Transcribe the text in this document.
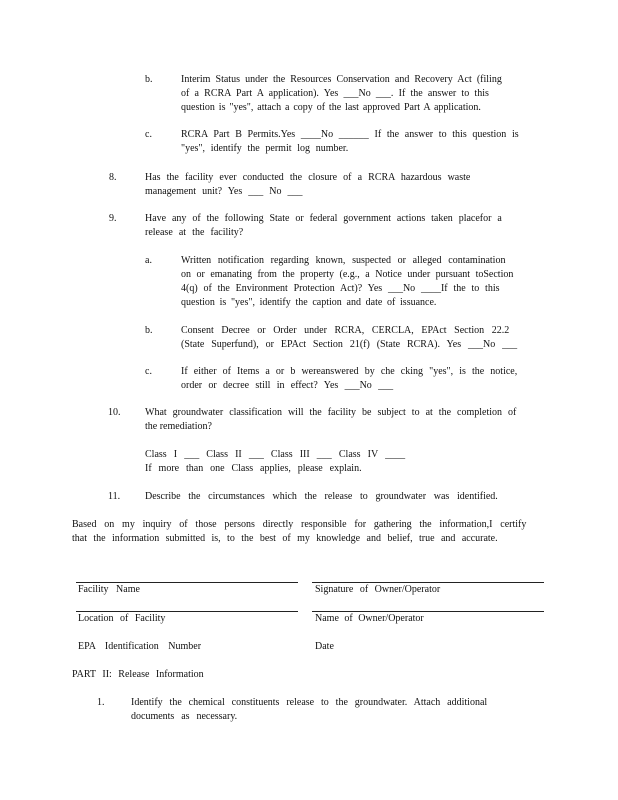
b.	Interim Status under the Resources Conservation and Recovery Act (filing
of a RCRA Part A application). Yes ___No ___. If the answer to this
question is "yes", attach a copy of the last approved Part A application.
c.	RCRA Part B Permits.Yes ____No ______ If the answer to this question is
"yes", identify the permit log number.
8.	Has the facility ever conducted the closure of a RCRA hazardous waste
management unit? Yes ___ No ___
9.	Have any of the following State or federal government actions taken placefor a
release at the facility?
a.	Written notification regarding known, suspected or alleged contamination
on or emanating from the property (e.g., a Notice under pursuant toSection
4(q) of the Environment Protection Act)? Yes ___No ____If the to this
question is "yes", identify the caption and date of issuance.
b.	Consent Decree or Order under RCRA, CERCLA, EPAct Section 22.2
(State Superfund), or EPAct Section 21(f) (State RCRA). Yes ___No ___
c.	If either of Items a or b wereanswered by che cking "yes", is the notice,
order or decree still in effect? Yes ___No ___
10. What groundwater classification will the facility be subject to at the completion of
the remediation?
Class I ___ Class II ___ Class III ___ Class IV ____
If more than one Class applies, please explain.
11. Describe the circumstances which the release to groundwater was identified.
Based on my inquiry of those persons directly responsible for gathering the information,I certify
that the information submitted is, to the best of my knowledge and belief, true and accurate.
Facility Name	Signature of Owner/Operator
Location of Facility	Name of Owner/Operator
EPA Identification Number	Date
PART II: Release Information
1.	Identify the chemical constituents release to the groundwater. Attach additional
documents as necessary.
